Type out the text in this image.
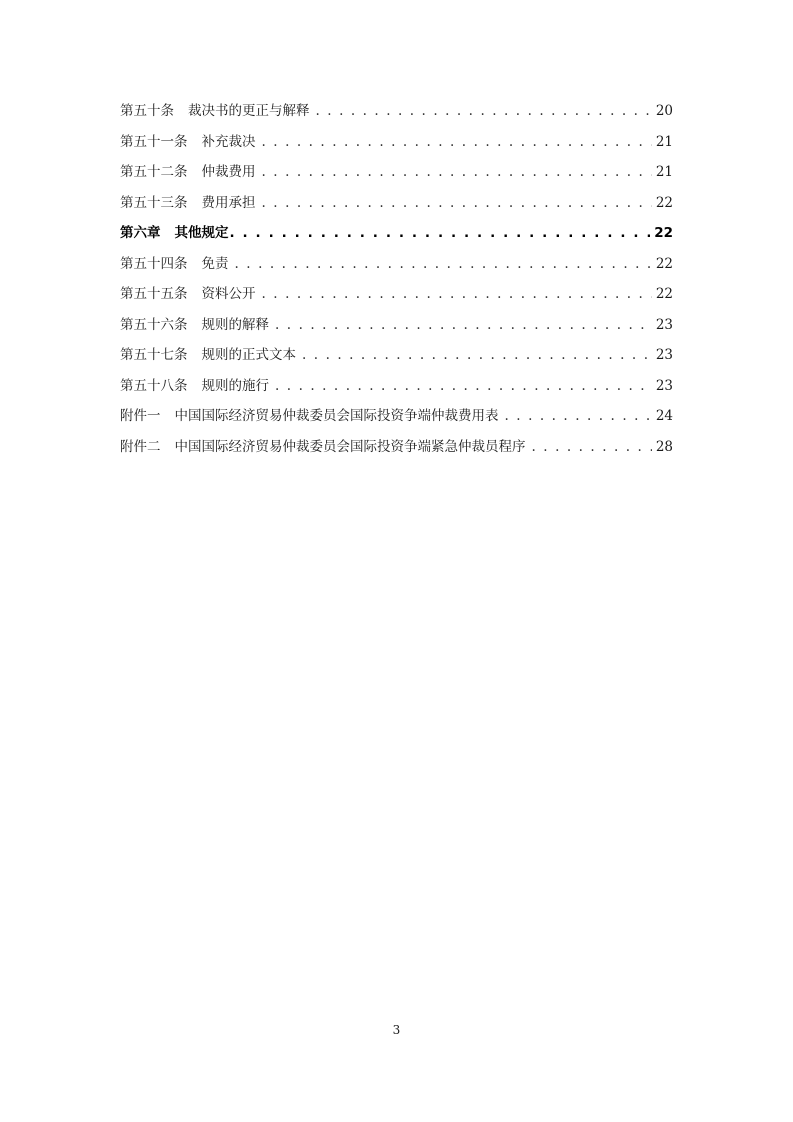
第五十条 裁决书的更正与解释 . . .	20
第五十一条 补充裁决 . . .	21
第五十二条 仲裁费用 . . .	21
第五十三条 费用承担 . . .	22
第六章 其他规定 . . .	22
第五十四条 免责 . . .	22
第五十五条 资料公开 . . .	22
第五十六条 规则的解释 . . .	23
第五十七条 规则的正式文本 . . .	23
第五十八条 规则的施行 . . .	23
附件一 中国国际经济贸易仲裁委员会国际投资争端仲裁费用表 . . .	24
附件二 中国国际经济贸易仲裁委员会国际投资争端紧急仲裁员程序 . . .	28
3
